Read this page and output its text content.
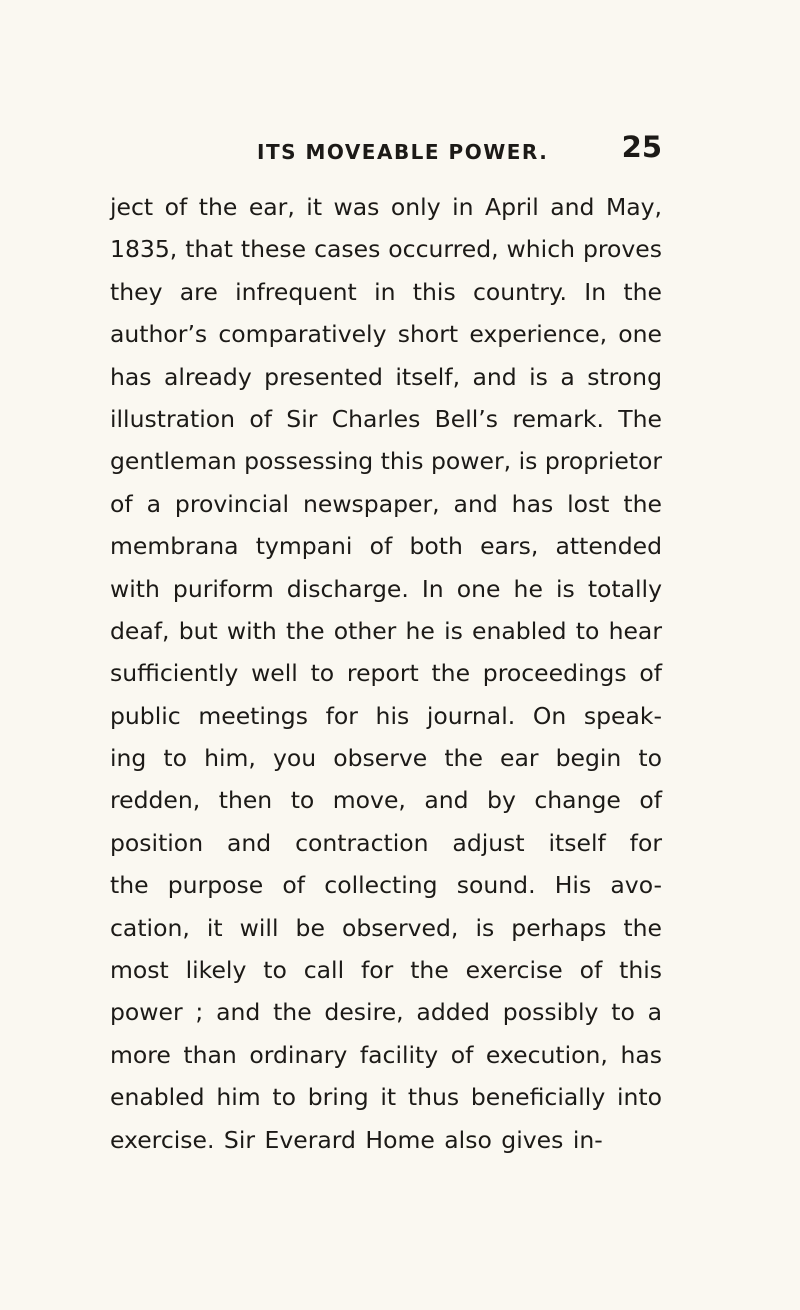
ITS MOVEABLE POWER.	25
ject of the ear, it was only in April and May,
1835, that these cases occurred, which proves
they are infrequent in this country. In the
author’s comparatively short experience, one
has already presented itself, and is a strong
illustration of Sir Charles Bell’s remark. The
gentleman possessing this power, is proprietor
of a provincial newspaper, and has lost the
membrana tympani of both ears, attended
with puriform discharge. In one he is totally
deaf, but with the other he is enabled to hear
sufficiently well to report the proceedings of
public meetings for his journal. On speak-
ing to him, you observe the ear begin to
redden, then to move, and by change of
position and contraction adjust itself for
the purpose of collecting sound. His avo-
cation, it will be observed, is perhaps the
most likely to call for the exercise of this
power ; and the desire, added possibly to a
more than ordinary facility of execution, has
enabled him to bring it thus beneficially into
exercise. Sir Everard Home also gives in-
